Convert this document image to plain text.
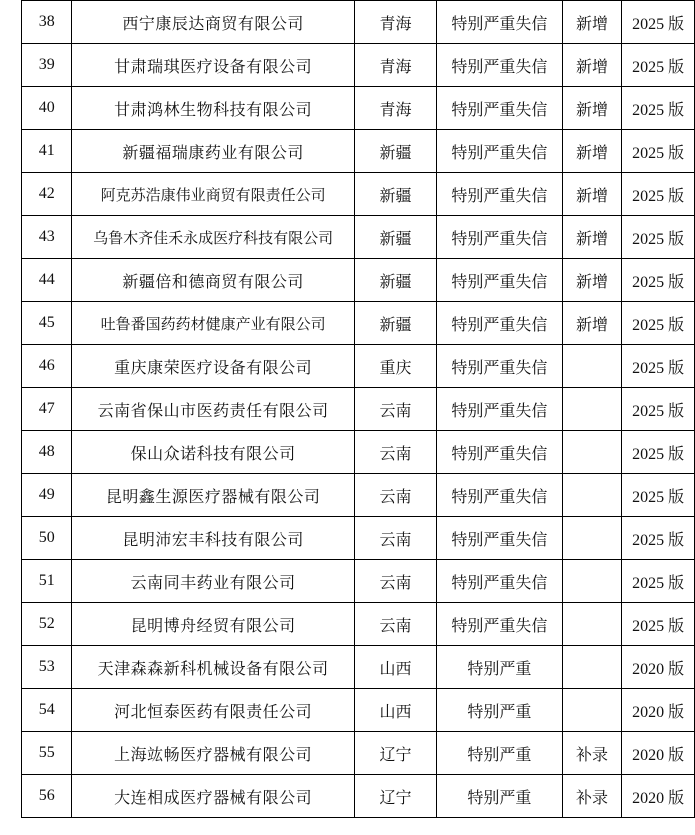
38	西宁康辰达商贸有限公司	青海	特别严重失信	新增	2025 版
39	甘肃瑞琪医疗设备有限公司	青海	特别严重失信	新增	2025 版
40	甘肃鸿林生物科技有限公司	青海	特别严重失信	新增	2025 版
41	新疆福瑞康药业有限公司	新疆	特别严重失信	新增	2025 版
42	阿克苏浩康伟业商贸有限责任公司	新疆	特别严重失信	新增	2025 版
43	乌鲁木齐佳禾永成医疗科技有限公司	新疆	特别严重失信	新增	2025 版
44	新疆倍和德商贸有限公司	新疆	特别严重失信	新增	2025 版
45	吐鲁番国药药材健康产业有限公司	新疆	特别严重失信	新增	2025 版
46	重庆康荣医疗设备有限公司	重庆	特别严重失信		2025 版
47	云南省保山市医药责任有限公司	云南	特别严重失信		2025 版
48	保山众诺科技有限公司	云南	特别严重失信		2025 版
49	昆明鑫生源医疗器械有限公司	云南	特别严重失信		2025 版
50	昆明沛宏丰科技有限公司	云南	特别严重失信		2025 版
51	云南同丰药业有限公司	云南	特别严重失信		2025 版
52	昆明博舟经贸有限公司	云南	特别严重失信		2025 版
53	天津森森新科机械设备有限公司	山西	特别严重		2020 版
54	河北恒泰医药有限责任公司	山西	特别严重		2020 版
55	上海竑畅医疗器械有限公司	辽宁	特别严重	补录	2020 版
56	大连相成医疗器械有限公司	辽宁	特别严重	补录	2020 版
